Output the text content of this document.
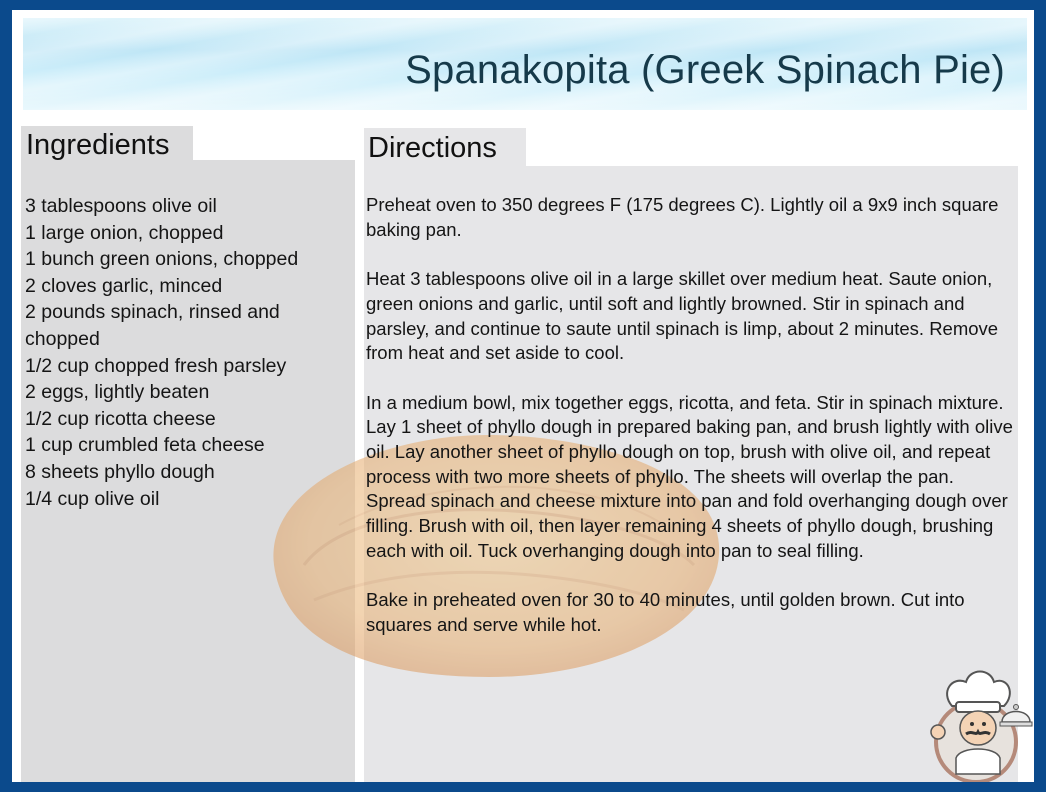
Spanakopita (Greek Spinach Pie)
Ingredients	Directions
3 tablespoons olive oil
1 large onion, chopped
1 bunch green onions, chopped
2 cloves garlic, minced
2 pounds spinach, rinsed and chopped
1/2 cup chopped fresh parsley
2 eggs, lightly beaten
1/2 cup ricotta cheese
1 cup crumbled feta cheese
8 sheets phyllo dough
1/4 cup olive oil

Preheat oven to 350 degrees F (175 degrees C). Lightly oil a 9x9 inch square baking pan.

Heat 3 tablespoons olive oil in a large skillet over medium heat. Saute onion, green onions and garlic, until soft and lightly browned. Stir in spinach and parsley, and continue to saute until spinach is limp, about 2 minutes. Remove from heat and set aside to cool.

In a medium bowl, mix together eggs, ricotta, and feta. Stir in spinach mixture. Lay 1 sheet of phyllo dough in prepared baking pan, and brush lightly with olive oil. Lay another sheet of phyllo dough on top, brush with olive oil, and repeat process with two more sheets of phyllo. The sheets will overlap the pan. Spread spinach and cheese mixture into pan and fold overhanging dough over filling. Brush with oil, then layer remaining 4 sheets of phyllo dough, brushing each with oil. Tuck overhanging dough into pan to seal filling.

Bake in preheated oven for 30 to 40 minutes, until golden brown. Cut into squares and serve while hot.
